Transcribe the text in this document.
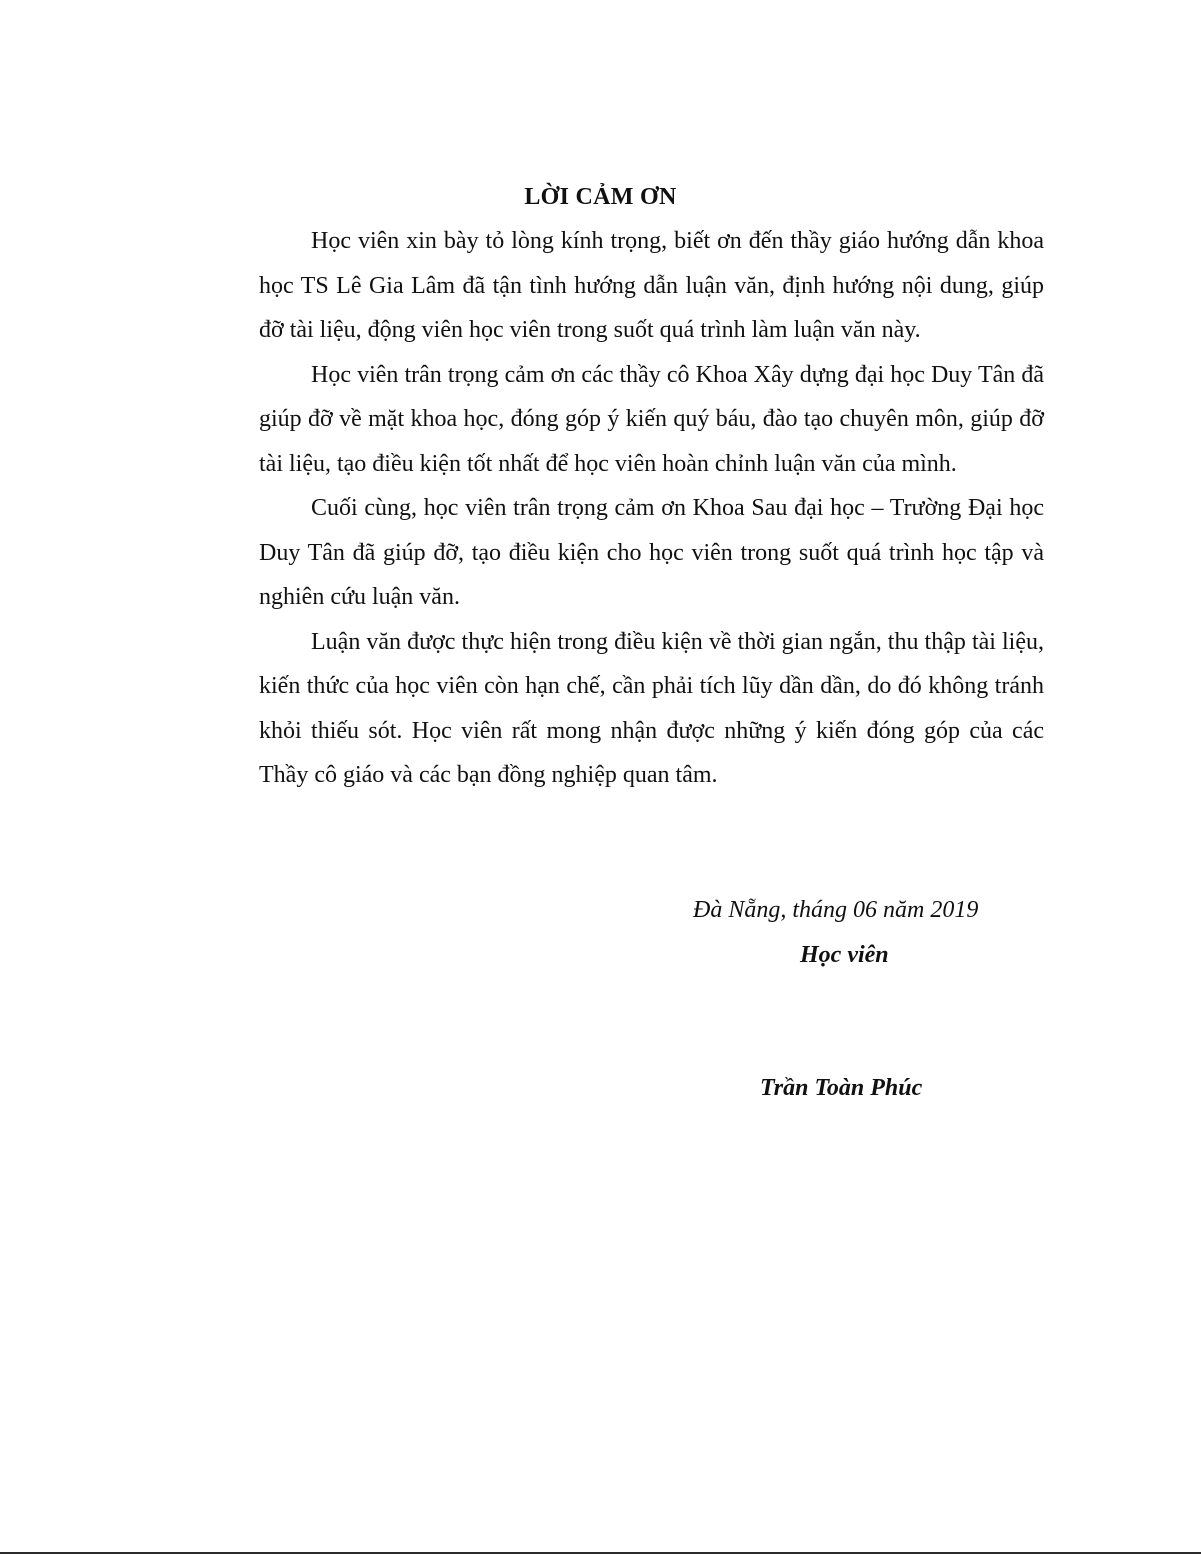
LỜI CẢM ƠN

Học viên xin bày tỏ lòng kính trọng, biết ơn đến thầy giáo hướng dẫn khoa học TS Lê Gia Lâm đã tận tình hướng dẫn luận văn, định hướng nội dung, giúp đỡ tài liệu, động viên học viên trong suốt quá trình làm luận văn này.

Học viên trân trọng cảm ơn các thầy cô Khoa Xây dựng đại học Duy Tân đã giúp đỡ về mặt khoa học, đóng góp ý kiến quý báu, đào tạo chuyên môn, giúp đỡ tài liệu, tạo điều kiện tốt nhất để học viên hoàn chỉnh luận văn của mình.

Cuối cùng, học viên trân trọng cảm ơn Khoa Sau đại học – Trường Đại học Duy Tân đã giúp đỡ, tạo điều kiện cho học viên trong suốt quá trình học tập và nghiên cứu luận văn.

Luận văn được thực hiện trong điều kiện về thời gian ngắn, thu thập tài liệu, kiến thức của học viên còn hạn chế, cần phải tích lũy dần dần, do đó không tránh khỏi thiếu sót. Học viên rất mong nhận được những ý kiến đóng góp của các Thầy cô giáo và các bạn đồng nghiệp quan tâm.

Đà Nẵng, tháng 06 năm 2019
Học viên
Trần Toàn Phúc
